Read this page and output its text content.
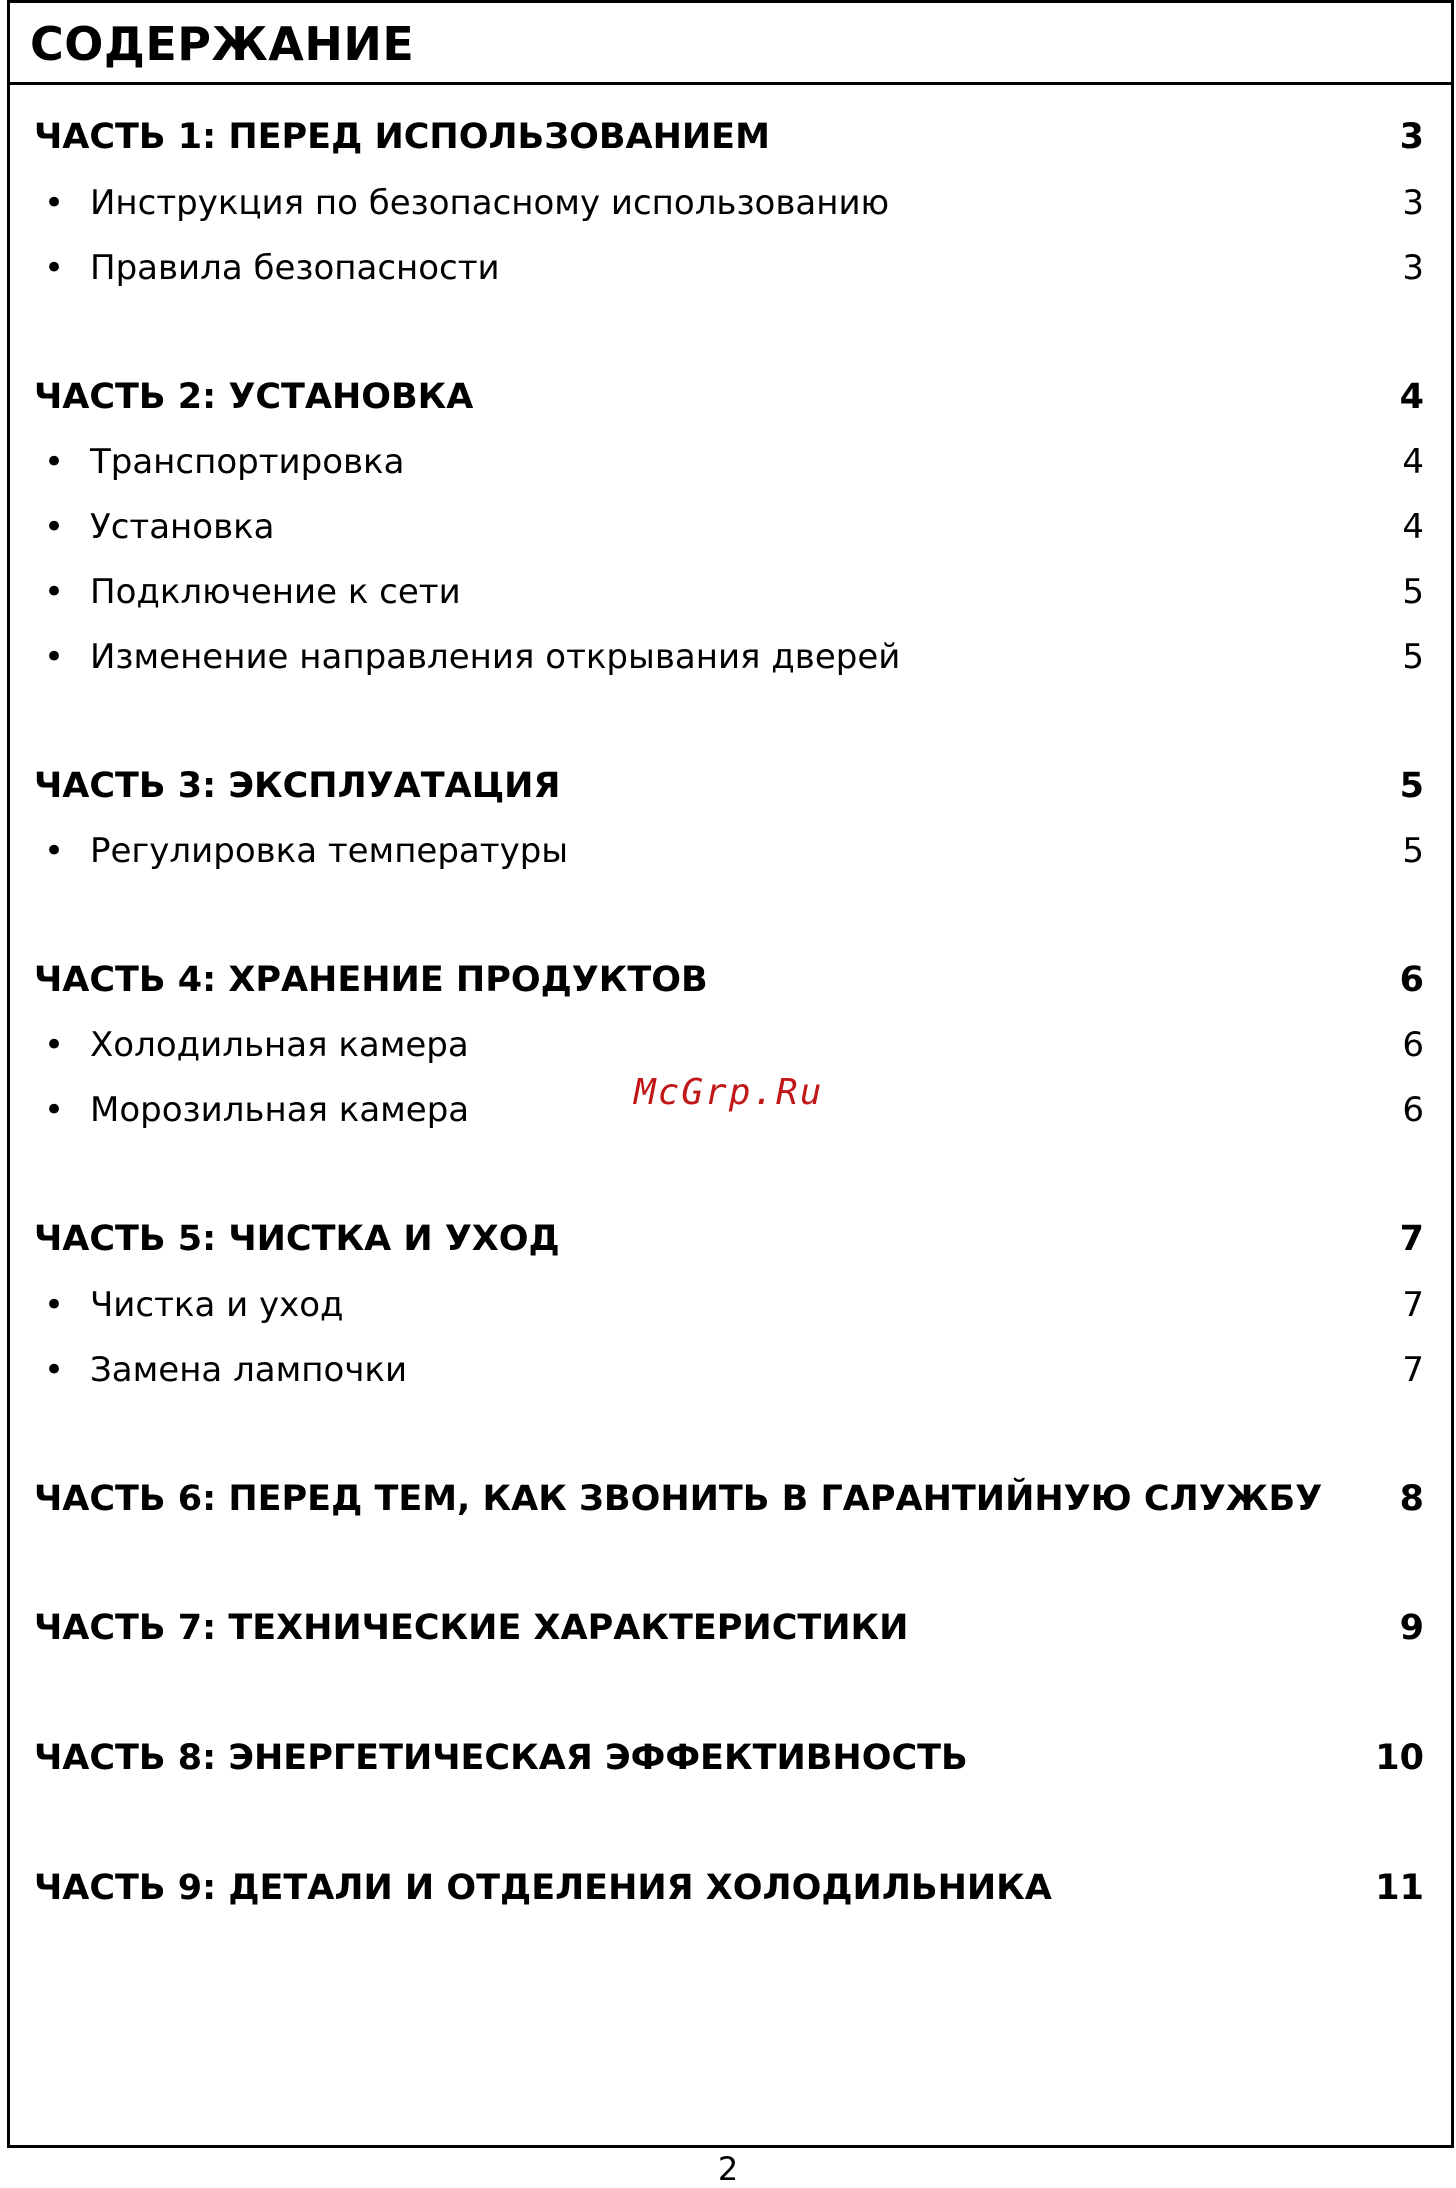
СОДЕРЖАНИЕ
ЧАСТЬ 1: ПЕРЕД ИСПОЛЬЗОВАНИЕМ	3
• Инструкция по безопасному использованию	3
• Правила безопасности	3
ЧАСТЬ 2: УСТАНОВКА	4
• Транспортировка	4
• Установка	4
• Подключение к сети	5
• Изменение направления открывания дверей	5
ЧАСТЬ 3: ЭКСПЛУАТАЦИЯ	5
• Регулировка температуры	5
ЧАСТЬ 4: ХРАНЕНИЕ ПРОДУКТОВ	6
• Холодильная камера	6
• Морозильная камера	6
ЧАСТЬ 5: ЧИСТКА И УХОД	7
• Чистка и уход	7
• Замена лампочки	7
ЧАСТЬ 6: ПЕРЕД ТЕМ, КАК ЗВОНИТЬ В ГАРАНТИЙНУЮ СЛУЖБУ	8
ЧАСТЬ 7: ТЕХНИЧЕСКИЕ ХАРАКТЕРИСТИКИ	9
ЧАСТЬ 8: ЭНЕРГЕТИЧЕСКАЯ ЭФФЕКТИВНОСТЬ	10
ЧАСТЬ 9: ДЕТАЛИ И ОТДЕЛЕНИЯ ХОЛОДИЛЬНИКА	11
McGrp.Ru
2
